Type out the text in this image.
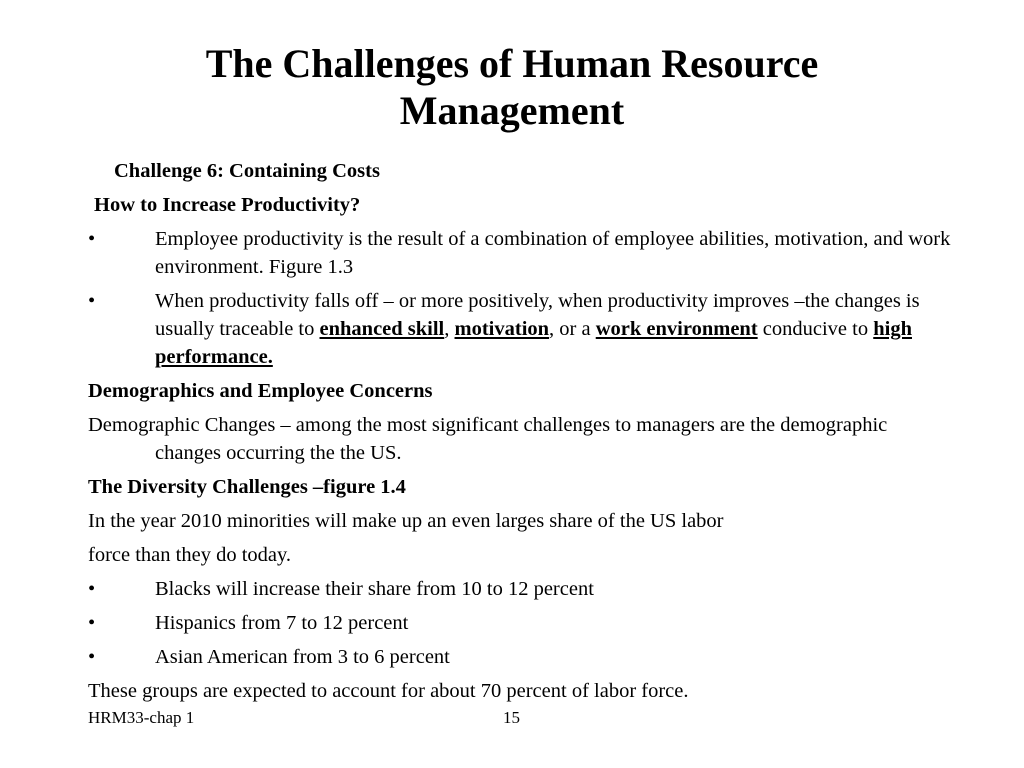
The Challenges of Human Resource
Management

Challenge 6: Containing Costs

How to Increase Productivity?

•	Employee productivity is the result of a combination of employee abilities, motivation, and work environment. Figure 1.3
•	When productivity falls off – or more positively, when productivity improves –the changes is usually traceable to enhanced skill, motivation, or a work environment conducive to high performance.

Demographics and Employee Concerns

Demographic Changes – among the most significant challenges to managers are the demographic changes occurring the the US.

The Diversity Challenges –figure 1.4

In the year 2010 minorities will make up an even larges share of the US labor

force than they do today.

•	Blacks will increase their share from 10 to 12 percent
•	Hispanics from 7 to 12 percent
•	Asian American from 3 to 6 percent

These groups are expected to account for about 70 percent of labor force.

HRM33-chap 1	15
